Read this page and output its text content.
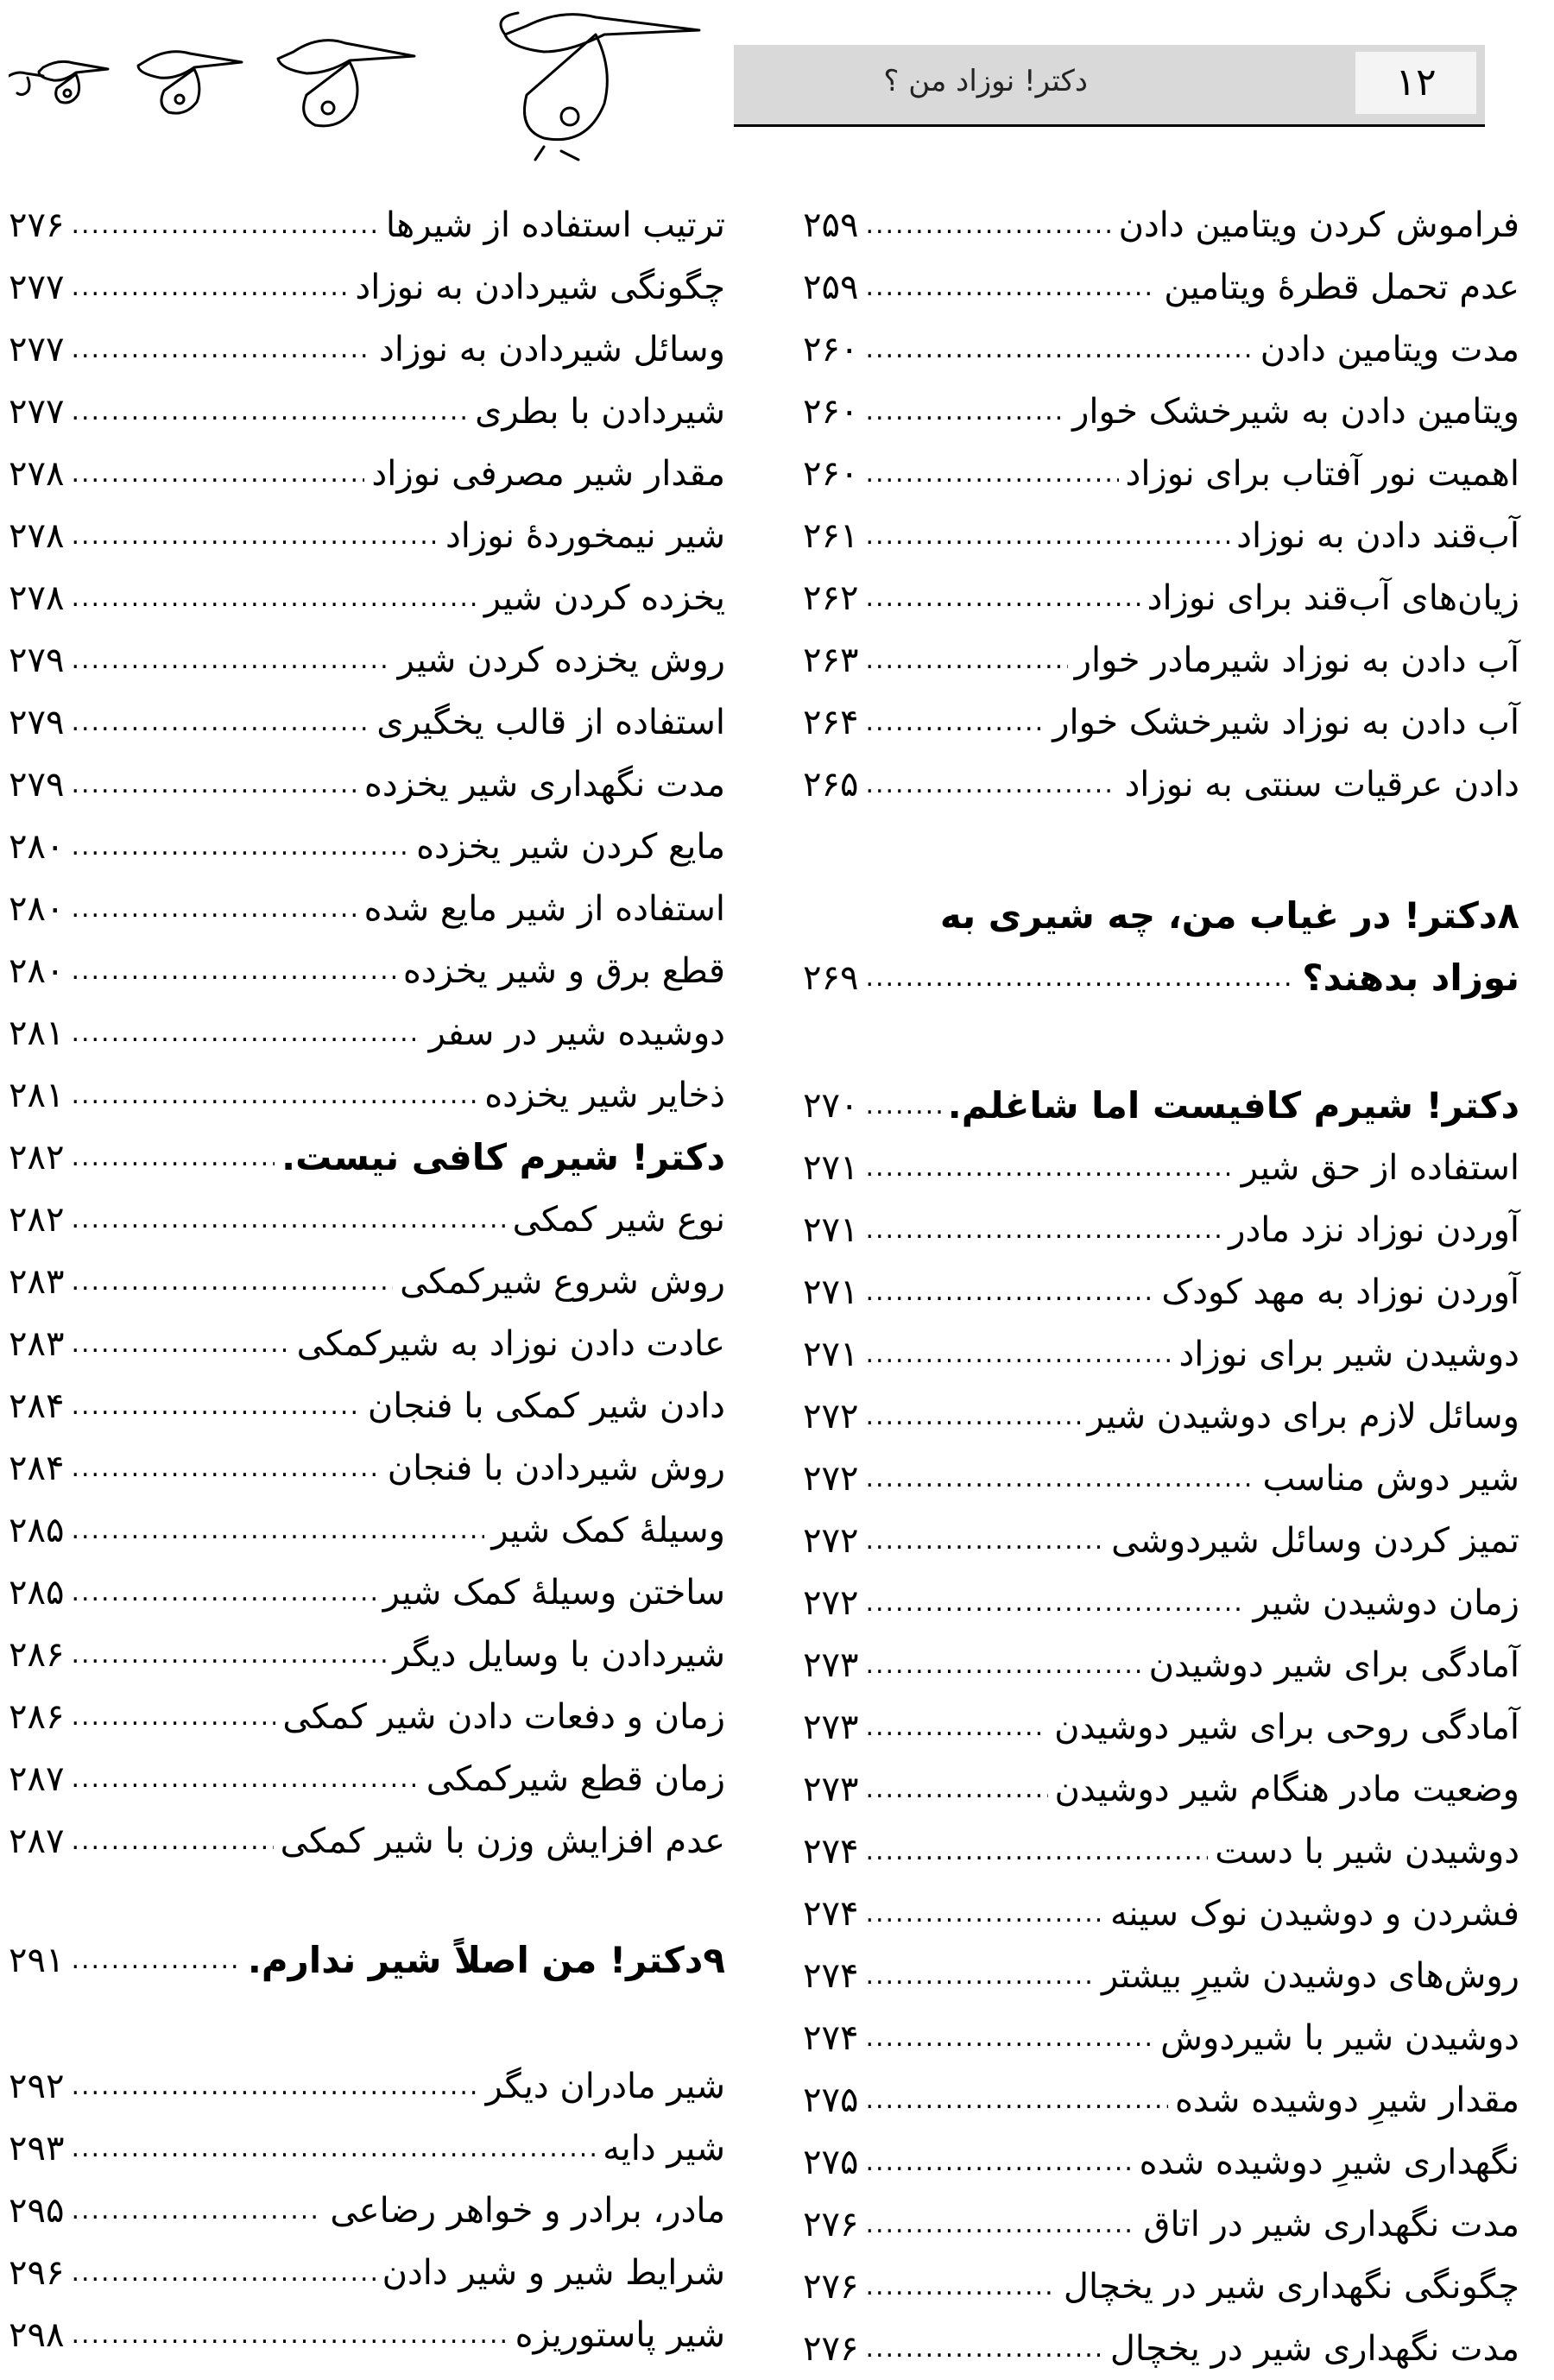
دکتر! نوزاد من ؟	۱۲
۲۵۹ .....	فراموش کردن ویتامین دادن
۲۵۹ .....	عدم تحمل قطرهٔ ویتامین
۲۶۰ .....	مدت ویتامین دادن
۲۶۰ .....	ویتامین دادن به شیرخشک خوار
۲۶۰ .....	اهمیت نور آفتاب برای نوزاد
۲۶۱ .....	آب‌قند دادن به نوزاد
۲۶۲ .....	زیان‌های آب‌قند برای نوزاد
۲۶۳ .....	آب دادن به نوزاد شیرمادر خوار
۲۶۴ .....	آب دادن به نوزاد شیرخشک خوار
۲۶۵ .....	دادن عرقیات سنتی به نوزاد
۸دکتر! در غیاب من، چه شیری به
۲۶۹ .....	نوزاد بدهند؟
۲۷۰ ..... دکتر! شیرم کافیست اما شاغلم.
۲۷۱ .....	استفاده از حق شیر
۲۷۱ .....	آوردن نوزاد نزد مادر
۲۷۱ .....	آوردن نوزاد به مهد کودک
۲۷۱ .....	دوشیدن شیر برای نوزاد
۲۷۲ .....	وسائل لازم برای دوشیدن شیر
۲۷۲ .....	شیر دوش مناسب
۲۷۲ .....	تمیز کردن وسائل شیردوشی
۲۷۲ .....	زمان دوشیدن شیر
۲۷۳ .....	آمادگی برای شیر دوشیدن
۲۷۳ .....	آمادگی روحی برای شیر دوشیدن
۲۷۳ .....	وضعیت مادر هنگام شیر دوشیدن
۲۷۴ .....	دوشیدن شیر با دست
۲۷۴ .....	فشردن و دوشیدن نوک سینه
۲۷۴ .....	روش‌های دوشیدن شیرِ بیشتر
۲۷۴ .....	دوشیدن شیر با شیردوش
۲۷۵ .....	مقدار شیرِ دوشیده شده
۲۷۵ .....	نگهداری شیرِ دوشیده شده
۲۷۶ .....	مدت نگهداری شیر در اتاق
۲۷۶ .....	چگونگی نگهداری شیر در یخچال
۲۷۶ .....	مدت نگهداری شیر در یخچال
۲۷۶ .....	ترتیب استفاده از شیرها
۲۷۷ .....	چگونگی شیردادن به نوزاد
۲۷۷ .....	وسائل شیردادن به نوزاد
۲۷۷ .....	شیردادن با بطری
۲۷۸ .....	مقدار شیر مصرفی نوزاد
۲۷۸ .....	شیر نیمخوردهٔ نوزاد
۲۷۸ .....	یخزده کردن شیر
۲۷۹ .....	روش یخزده کردن شیر
۲۷۹ .....	استفاده از قالب یخگیری
۲۷۹ .....	مدت نگهداری شیر یخزده
۲۸۰ .....	مایع کردن شیر یخزده
۲۸۰ .....	استفاده از شیر مایع شده
۲۸۰ .....	قطع برق و شیر یخزده
۲۸۱ .....	دوشیده شیر در سفر
۲۸۱ .....	ذخایر شیر یخزده
۲۸۲ .....	دکتر! شیرم کافی نیست.
۲۸۲ .....	نوع شیر کمکی
۲۸۳ .....	روش شروع شیرکمکی
۲۸۳ .....	عادت دادن نوزاد به شیرکمکی
۲۸۴ .....	دادن شیر کمکی با فنجان
۲۸۴ .....	روش شیردادن با فنجان
۲۸۵ .....	وسیلهٔ کمک شیر
۲۸۵ .....	ساختن وسیلهٔ کمک شیر
۲۸۶ .....	شیردادن با وسایل دیگر
۲۸۶ .....	زمان و دفعات دادن شیر کمکی
۲۸۷ .....	زمان قطع شیرکمکی
۲۸۷ .....	عدم افزایش وزن با شیر کمکی
۲۹۱ .....	۹دکتر! من اصلاً شیر ندارم.
۲۹۲ .....	شیر مادران دیگر
۲۹۳ .....	شیر دایه
۲۹۵ .....	مادر، برادر و خواهر رضاعی
۲۹۶ .....	شرایط شیر و شیر دادن
۲۹۸ .....	شیر پاستوریزه
